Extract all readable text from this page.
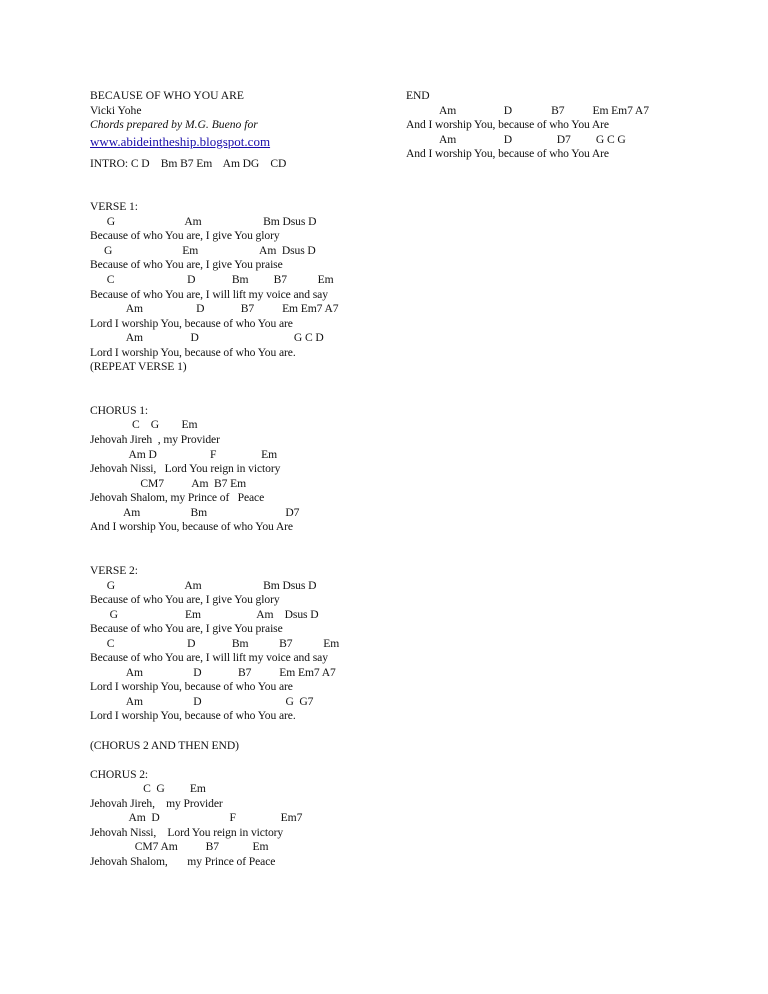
BECAUSE OF WHO YOU ARE
Vicki Yohe
Chords prepared by M.G. Bueno for
www.abideintheship.blogspot.com
INTRO: C D    Bm B7 Em    Am DG    CD
VERSE 1:
G                         Am                      Bm Dsus D
Because of who You are, I give You glory
G                         Em                      Am  Dsus D
Because of who You are, I give You praise
C                          D             Bm         B7           Em
Because of who You are, I will lift my voice and say
Am                   D             B7          Em Em7 A7
Lord I worship You, because of who You are
Am                 D                                  G C D
Lord I worship You, because of who You are.
(REPEAT VERSE 1)
CHORUS 1:
C    G        Em
Jehovah Jireh  , my Provider
Am D                   F                Em
Jehovah Nissi,   Lord You reign in victory
CM7          Am  B7 Em
Jehovah Shalom, my Prince of   Peace
Am                  Bm                            D7
And I worship You, because of who You Are
VERSE 2:
G                         Am                      Bm Dsus D
Because of who You are, I give You glory
G                        Em                    Am    Dsus D
Because of who You are, I give You praise
C                          D             Bm           B7           Em
Because of who You are, I will lift my voice and say
Am                  D             B7          Em Em7 A7
Lord I worship You, because of who You are
Am                  D                              G  G7
Lord I worship You, because of who You are.
(CHORUS 2 AND THEN END)
CHORUS 2:
C  G         Em
Jehovah Jireh,    my Provider
Am  D                         F                Em7
Jehovah Nissi,    Lord You reign in victory
CM7 Am          B7            Em
Jehovah Shalom,       my Prince of Peace
END
Am                 D              B7          Em Em7 A7
And I worship You, because of who You Are
Am                 D                D7         G C G
And I worship You, because of who You Are
